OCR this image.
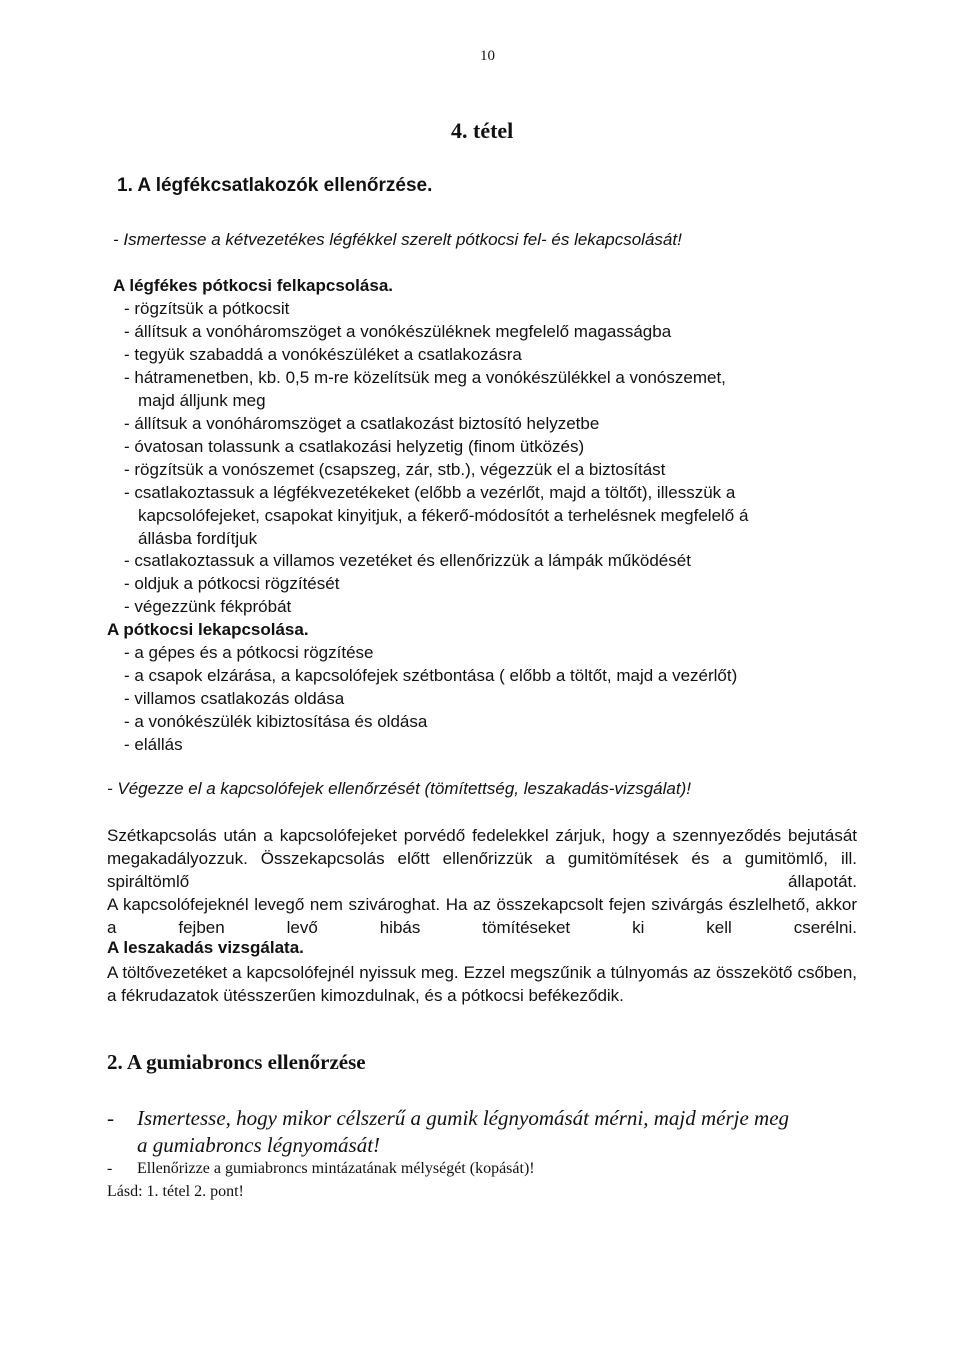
10
4. tétel
1. A légfékcsatlakozók ellenőrzése.
- Ismertesse a kétvezetékes légfékkel szerelt pótkocsi fel- és lekapcsolását!
A légfékes pótkocsi felkapcsolása.
- rögzítsük a pótkocsit
- állítsuk a vonóháromszöget a vonókészüléknek megfelelő magasságba
- tegyük szabaddá a vonókészüléket a csatlakozásra
- hátramenetben, kb. 0,5 m-re közelítsük meg a vonókészülékkel a vonószemet,
majd álljunk meg
- állítsuk a vonóháromszöget a csatlakozást biztosító helyzetbe
- óvatosan tolassunk a csatlakozási helyzetig (finom ütközés)
- rögzítsük a vonószemet (csapszeg, zár, stb.), végezzük el a biztosítást
- csatlakoztassuk a légfékvezetékeket (előbb a vezérlőt, majd a töltőt), illesszük a
kapcsolófejeket, csapokat kinyitjuk, a fékerő-módosítót a terhelésnek megfelelő á
állásba fordítjuk
- csatlakoztassuk a villamos vezetéket és ellenőrizzük a lámpák működését
- oldjuk a pótkocsi rögzítését
- végezzünk fékpróbát
A pótkocsi lekapcsolása.
- a gépes és a pótkocsi rögzítése
- a csapok elzárása, a kapcsolófejek szétbontása ( előbb a töltőt, majd a vezérlőt)
- villamos csatlakozás oldása
- a vonókészülék kibiztosítása és oldása
- elállás
- Végezze el a kapcsolófejek ellenőrzését (tömítettség, leszakadás-vizsgálat)!
Szétkapcsolás után a kapcsolófejeket porvédő fedelekkel zárjuk, hogy a szennyeződés bejutását megakadályozzuk. Összekapcsolás előtt ellenőrizzük a gumitömítések és a gumitömlő, ill. spiráltömlő állapotát.
A kapcsolófejeknél levegő nem szivároghat. Ha az összekapcsolt fejen szivárgás észlelhető, akkor a fejben levő hibás tömítéseket ki kell cserélni.
A leszakadás vizsgálata.
A töltővezetéket a kapcsolófejnél nyissuk meg. Ezzel megszűnik a túlnyomás az összekötő csőben, a fékrudazatok ütésszerűen kimozdulnak, és a pótkocsi befékeződik.
2. A gumiabroncs ellenőrzése
- Ismertesse, hogy mikor célszerű a gumik légnyomását mérni, majd mérje meg
a gumiabroncs légnyomását!
- Ellenőrizze a gumiabroncs mintázatának mélységét (kopását)!
Lásd: 1. tétel 2. pont!
